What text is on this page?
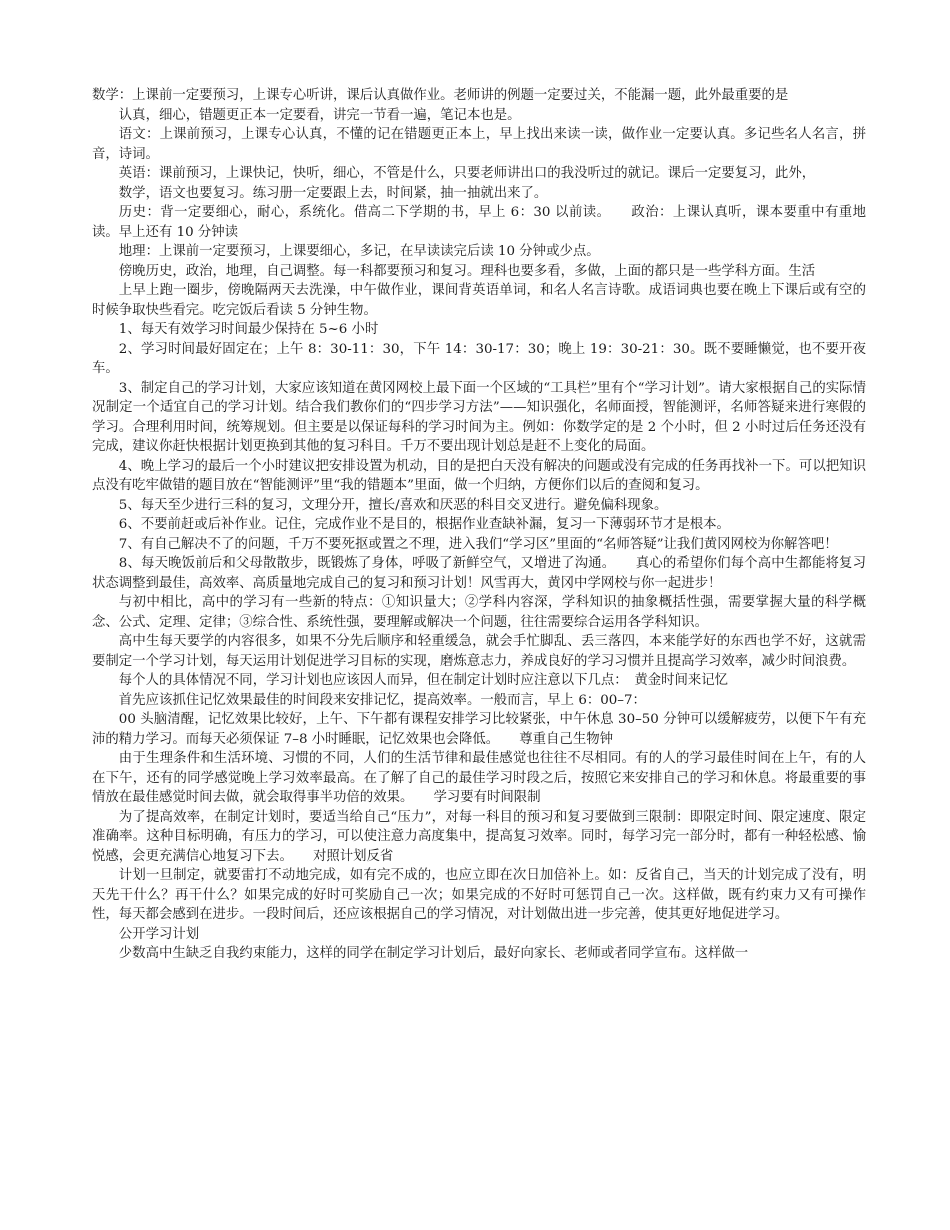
数学：上课前一定要预习，上课专心听讲，课后认真做作业。老师讲的例题一定要过关，不能漏一题，此外最重要的是

认真，细心，错题更正本一定要看，讲完一节看一遍，笔记本也是。

语文：上课前预习，上课专心认真，不懂的记在错题更正本上，早上找出来读一读，做作业一定要认真。多记些名人名言，拼音，诗词。

英语：课前预习，上课快记，快听，细心，不管是什么，只要老师讲出口的我没听过的就记。课后一定要复习，此外，

数学，语文也要复习。练习册一定要跟上去，时间紧，抽一抽就出来了。

历史：背一定要细心，耐心，系统化。借高二下学期的书，早上 6：30 以前读。　　政治：上课认真听，课本要重中有重地读。早上还有 10 分钟读

地理：上课前一定要预习，上课要细心，多记，在早读读完后读 10 分钟或少点。

傍晚历史，政治，地理，自己调整。每一科都要预习和复习。理科也要多看，多做，上面的都只是一些学科方面。生活

上早上跑一圈步，傍晚隔两天去洗澡，中午做作业，课间背英语单词，和名人名言诗歌。成语词典也要在晚上下课后或有空的时候争取快些看完。吃完饭后看读 5 分钟生物。

1、每天有效学习时间最少保持在 5~6 小时

2、学习时间最好固定在；上午 8：30-11：30，下午 14：30-17：30；晚上 19：30-21：30。既不要睡懒觉，也不要开夜车。

3、制定自己的学习计划，大家应该知道在黄冈网校上最下面一个区域的“工具栏”里有个“学习计划”。请大家根据自己的实际情况制定一个适宜自己的学习计划。结合我们教你们的“四步学习方法”——知识强化，名师面授，智能测评，名师答疑来进行寒假的学习。合理利用时间，统筹规划。但主要是以保证每科的学习时间为主。例如：你数学定的是 2 个小时，但 2 小时过后任务还没有完成，建议你赶快根据计划更换到其他的复习科目。千万不要出现计划总是赶不上变化的局面。

4、晚上学习的最后一个小时建议把安排设置为机动，目的是把白天没有解决的问题或没有完成的任务再找补一下。可以把知识点没有吃牢做错的题目放在“智能测评”里“我的错题本”里面，做一个归纳，方便你们以后的查阅和复习。

5、每天至少进行三科的复习，文理分开，擅长/喜欢和厌恶的科目交叉进行。避免偏科现象。

6、不要前赶或后补作业。记住，完成作业不是目的，根据作业查缺补漏，复习一下薄弱环节才是根本。

7、有自己解决不了的问题，千万不要死抠或置之不理，进入我们“学习区”里面的“名师答疑”让我们黄冈网校为你解答吧！

8、每天晚饭前后和父母散散步，既锻炼了身体，呼吸了新鲜空气，又增进了沟通。　　真心的希望你们每个高中生都能将复习状态调整到最佳，高效率、高质量地完成自己的复习和预习计划！风雪再大，黄冈中学网校与你一起进步！

与初中相比，高中的学习有一些新的特点：①知识量大；②学科内容深，学科知识的抽象概括性强，需要掌握大量的科学概念、公式、定理、定律；③综合性、系统性强，要理解或解决一个问题，往往需要综合运用各学科知识。

高中生每天要学的内容很多，如果不分先后顺序和轻重缓急，就会手忙脚乱、丢三落四，本来能学好的东西也学不好，这就需要制定一个学习计划，每天运用计划促进学习目标的实现，磨炼意志力，养成良好的学习习惯并且提高学习效率，减少时间浪费。

每个人的具体情况不同，学习计划也应该因人而异，但在制定计划时应注意以下几点：　黄金时间来记忆

首先应该抓住记忆效果最佳的时间段来安排记忆，提高效率。一般而言，早上 6：00–7：

00 头脑清醒，记忆效果比较好，上午、下午都有课程安排学习比较紧张，中午休息 30–50 分钟可以缓解疲劳，以便下午有充沛的精力学习。而每天必须保证 7–8 小时睡眠，记忆效果也会降低。　　尊重自己生物钟

由于生理条件和生活环境、习惯的不同，人们的生活节律和最佳感觉也往往不尽相同。有的人的学习最佳时间在上午，有的人在下午，还有的同学感觉晚上学习效率最高。在了解了自己的最佳学习时段之后，按照它来安排自己的学习和休息。将最重要的事情放在最佳感觉时间去做，就会取得事半功倍的效果。　　学习要有时间限制

为了提高效率，在制定计划时，要适当给自己“压力”，对每一科目的预习和复习要做到三限制：即限定时间、限定速度、限定准确率。这种目标明确，有压力的学习，可以使注意力高度集中，提高复习效率。同时，每学习完一部分时，都有一种轻松感、愉悦感，会更充满信心地复习下去。　　对照计划反省

计划一旦制定，就要雷打不动地完成，如有完不成的，也应立即在次日加倍补上。如：反省自己，当天的计划完成了没有，明天先干什么？再干什么？如果完成的好时可奖励自己一次；如果完成的不好时可惩罚自己一次。这样做，既有约束力又有可操作性，每天都会感到在进步。一段时间后，还应该根据自己的学习情况，对计划做出进一步完善，使其更好地促进学习。

公开学习计划

少数高中生缺乏自我约束能力，这样的同学在制定学习计划后，最好向家长、老师或者同学宣布。这样做一
